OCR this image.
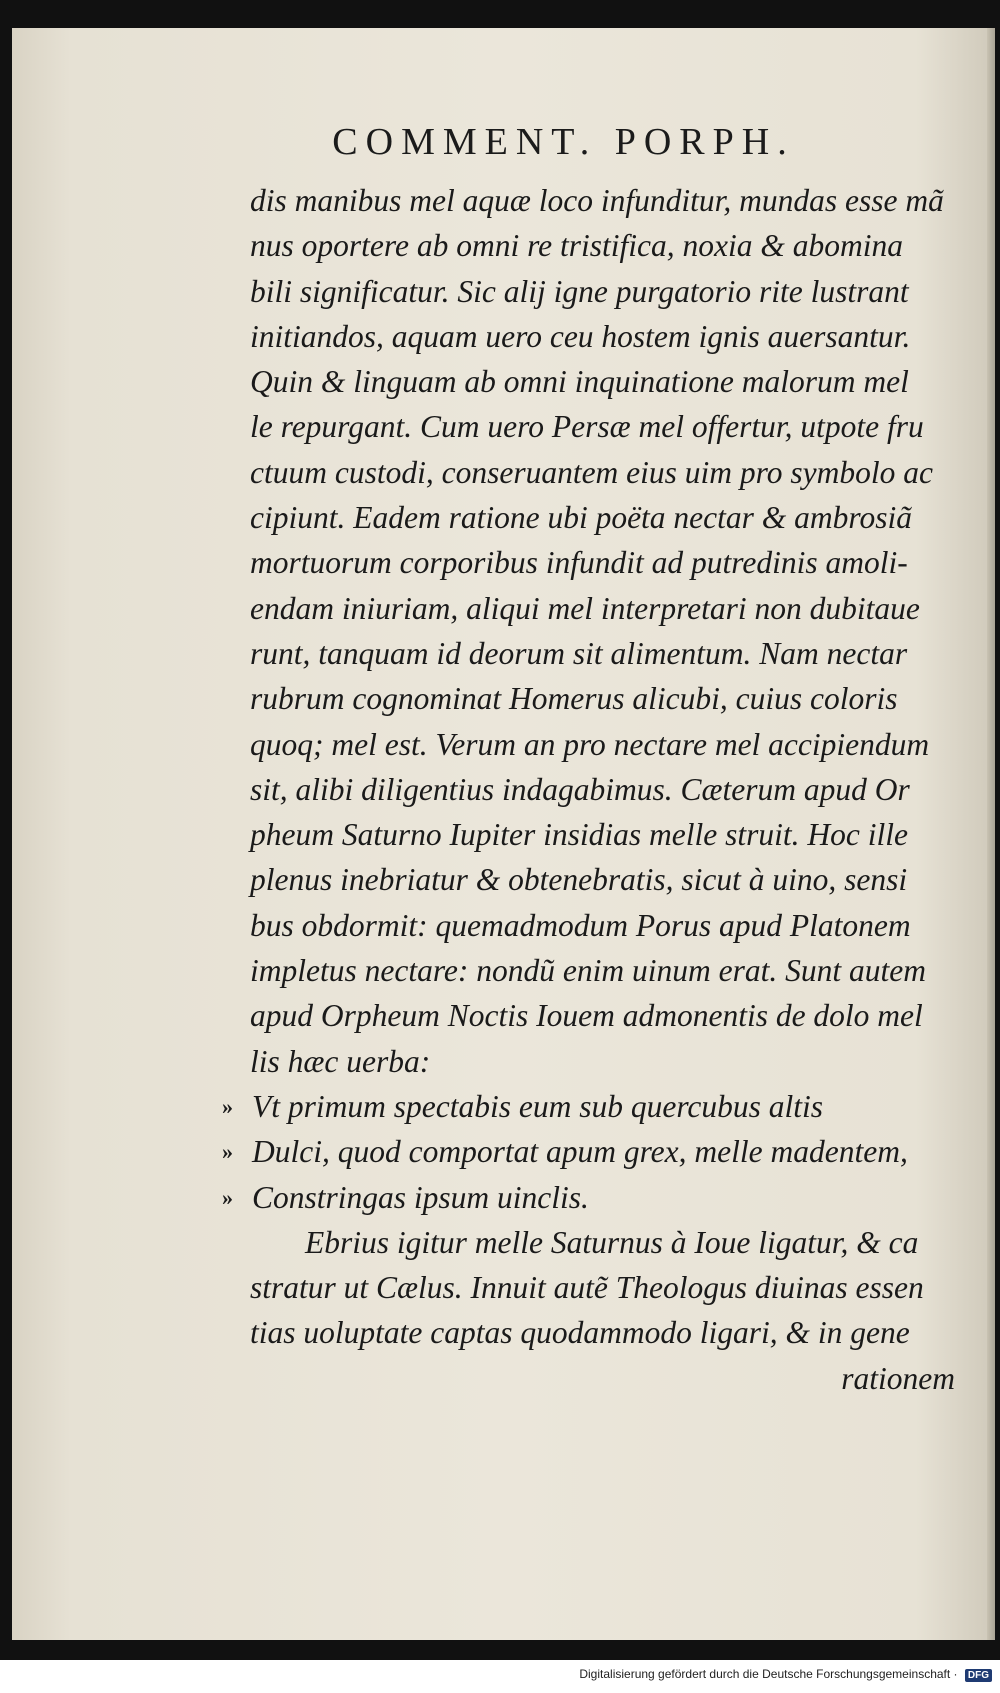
COMMENT. PORPH.
dis manibus mel aquæ loco infunditur, mundas esse mã
nus oportere ab omni re tristifica, noxia & abomina
bili significatur. Sic alij igne purgatorio rite lustrant
initiandos, aquam uero ceu hostem ignis auersantur.
Quin & linguam ab omni inquinatione malorum mel
le repurgant. Cum uero Persæ mel offertur, utpote fru
ctuum custodi, conseruantem eius uim pro symbolo ac
cipiunt. Eadem ratione ubi poëta nectar & ambrosiã
mortuorum corporibus infundit ad putredinis amoli-
endam iniuriam, aliqui mel interpretari non dubitaue
runt, tanquam id deorum sit alimentum. Nam nectar
rubrum cognominat Homerus alicubi, cuius coloris
quoq; mel est. Verum an pro nectare mel accipiendum
sit, alibi diligentius indagabimus. Cæterum apud Or
pheum Saturno Iupiter insidias melle struit. Hoc ille
plenus inebriatur & obtenebratis, sicut à uino, sensi
bus obdormit: quemadmodum Porus apud Platonem
impletus nectare: nondũ enim uinum erat. Sunt autem
apud Orpheum Noctis Iouem admonentis de dolo mel
lis hæc uerba:
» Vt primum spectabis eum sub quercubus altis
» Dulci, quod comportat apum grex, melle madentem,
» Constringas ipsum uinclis.
Ebrius igitur melle Saturnus à Ioue ligatur, & ca
stratur ut Cælus. Innuit autẽ Theologus diuinas essen
tias uoluptate captas quodammodo ligari, & in gene
rationem
Digitalisierung gefördert durch die Deutsche Forschungsgemeinschaft · DFG
